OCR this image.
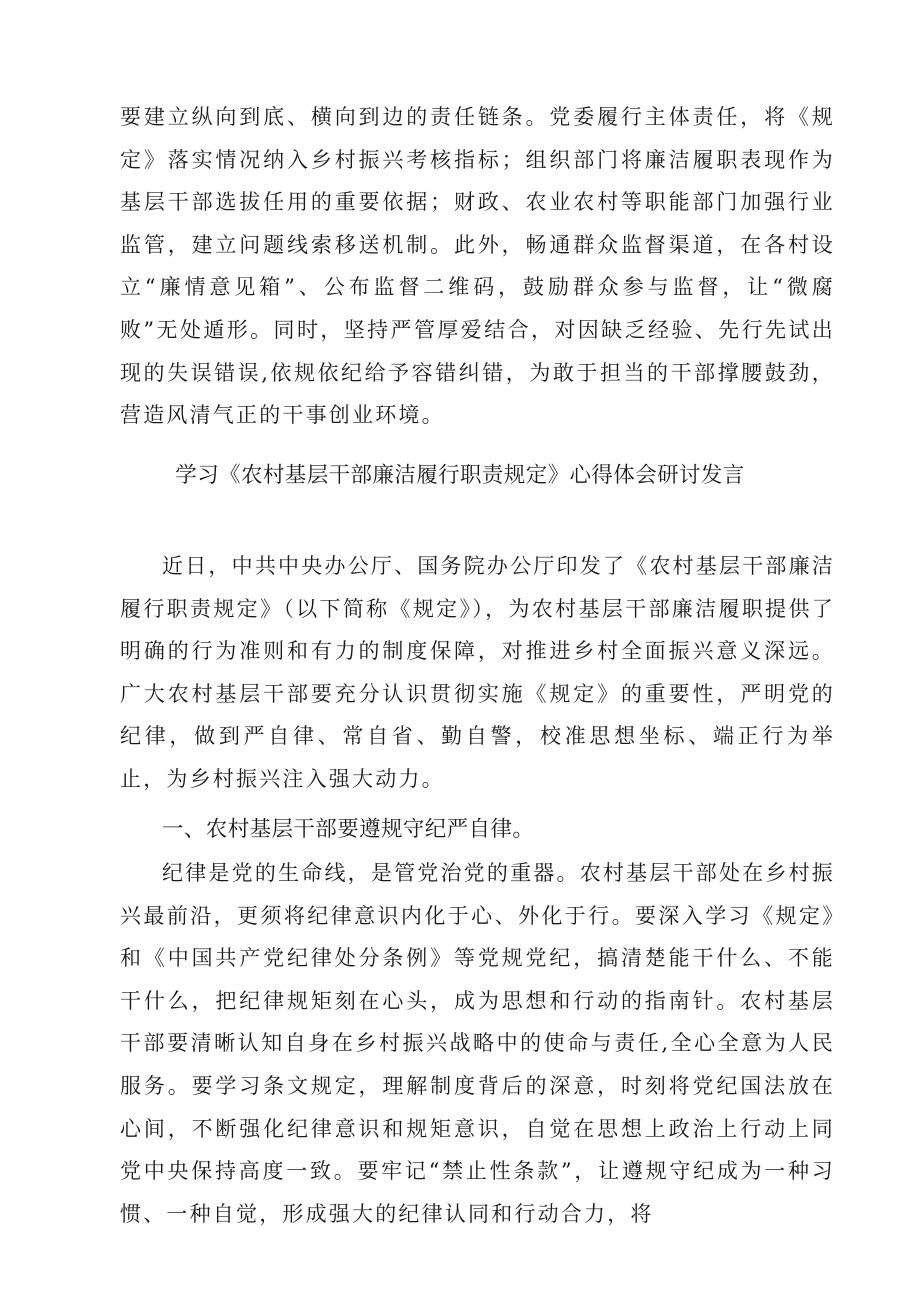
要建立纵向到底、横向到边的责任链条。党委履行主体责任，将《规定》落实情况纳入乡村振兴考核指标；组织部门将廉洁履职表现作为基层干部选拔任用的重要依据；财政、农业农村等职能部门加强行业监管，建立问题线索移送机制。此外，畅通群众监督渠道，在各村设立“廉情意见箱”、公布监督二维码，鼓励群众参与监督，让“微腐败”无处遁形。同时，坚持严管厚爱结合，对因缺乏经验、先行先试出现的失误错误,依规依纪给予容错纠错，为敢于担当的干部撑腰鼓劲，营造风清气正的干事创业环境。

学习《农村基层干部廉洁履行职责规定》心得体会研讨发言

近日，中共中央办公厅、国务院办公厅印发了《农村基层干部廉洁履行职责规定》（以下简称《规定》），为农村基层干部廉洁履职提供了明确的行为准则和有力的制度保障，对推进乡村全面振兴意义深远。广大农村基层干部要充分认识贯彻实施《规定》的重要性，严明党的纪律，做到严自律、常自省、勤自警，校准思想坐标、端正行为举止，为乡村振兴注入强大动力。

一、农村基层干部要遵规守纪严自律。

纪律是党的生命线，是管党治党的重器。农村基层干部处在乡村振兴最前沿，更须将纪律意识内化于心、外化于行。要深入学习《规定》和《中国共产党纪律处分条例》等党规党纪，搞清楚能干什么、不能干什么，把纪律规矩刻在心头，成为思想和行动的指南针。农村基层干部要清晰认知自身在乡村振兴战略中的使命与责任,全心全意为人民服务。要学习条文规定，理解制度背后的深意，时刻将党纪国法放在心间，不断强化纪律意识和规矩意识，自觉在思想上政治上行动上同党中央保持高度一致。要牢记“禁止性条款”，让遵规守纪成为一种习惯、一种自觉，形成强大的纪律认同和行动合力，将
